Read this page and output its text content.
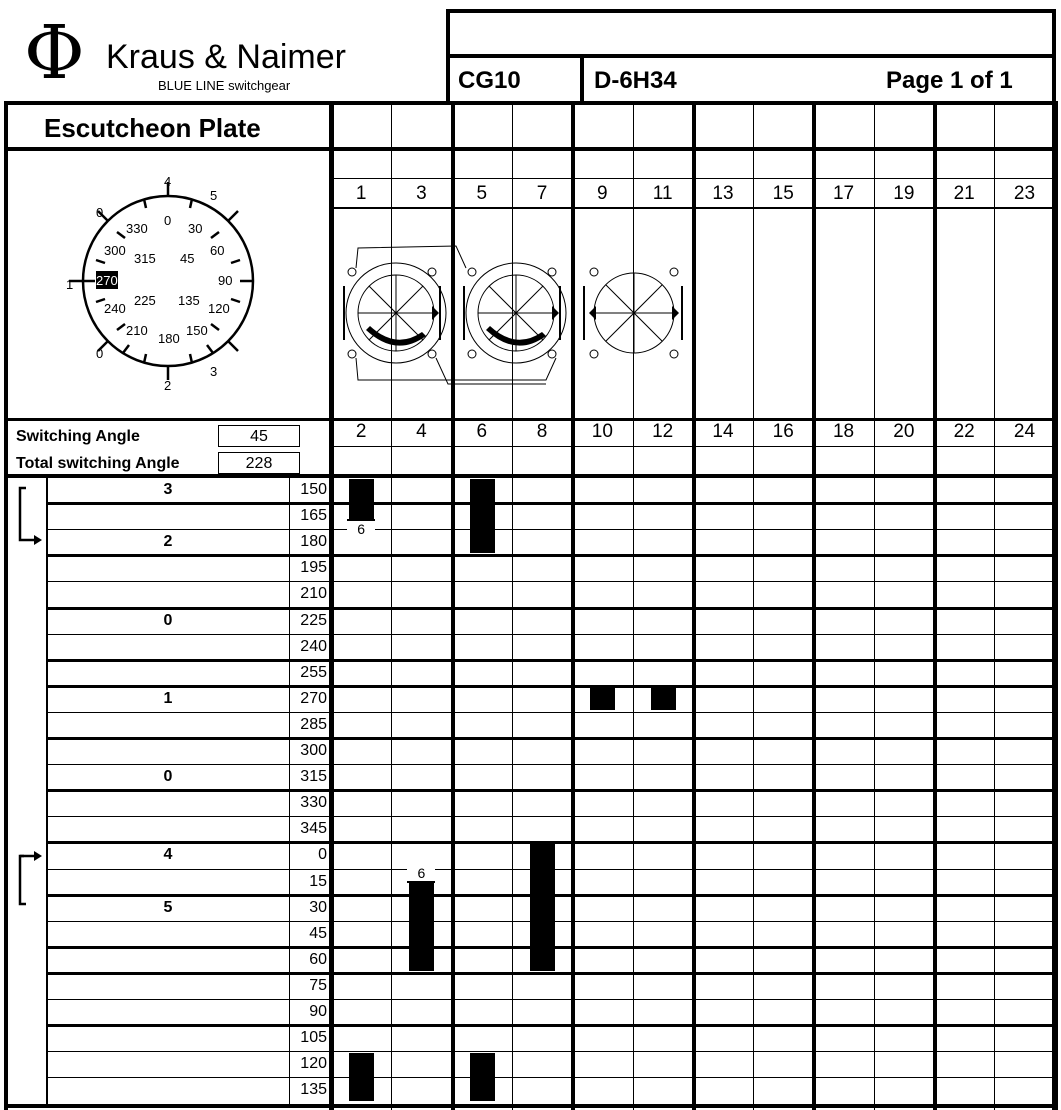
Φ Kraus & Naimer
BLUE LINE switchgear	CG10	D-6H34	Page 1 of 1
Escutcheon Plate
4
5
0
1
0
2
3
0
30
330
300
315 45
60
270	90
240
225 135
120
210
180
150
Switching Angle	45
Total switching Angle	228
1	3	5	7	9	11	13	15	17	19	21	23
2	4	6	8	10	12	14	16	18	20	22	24
3	150
165
2	180
195
210
0	225
240
255
1	270
285
300
0	315
330
345
4	0
15
5	30
45
60
75
90
105
120
135
6
6
